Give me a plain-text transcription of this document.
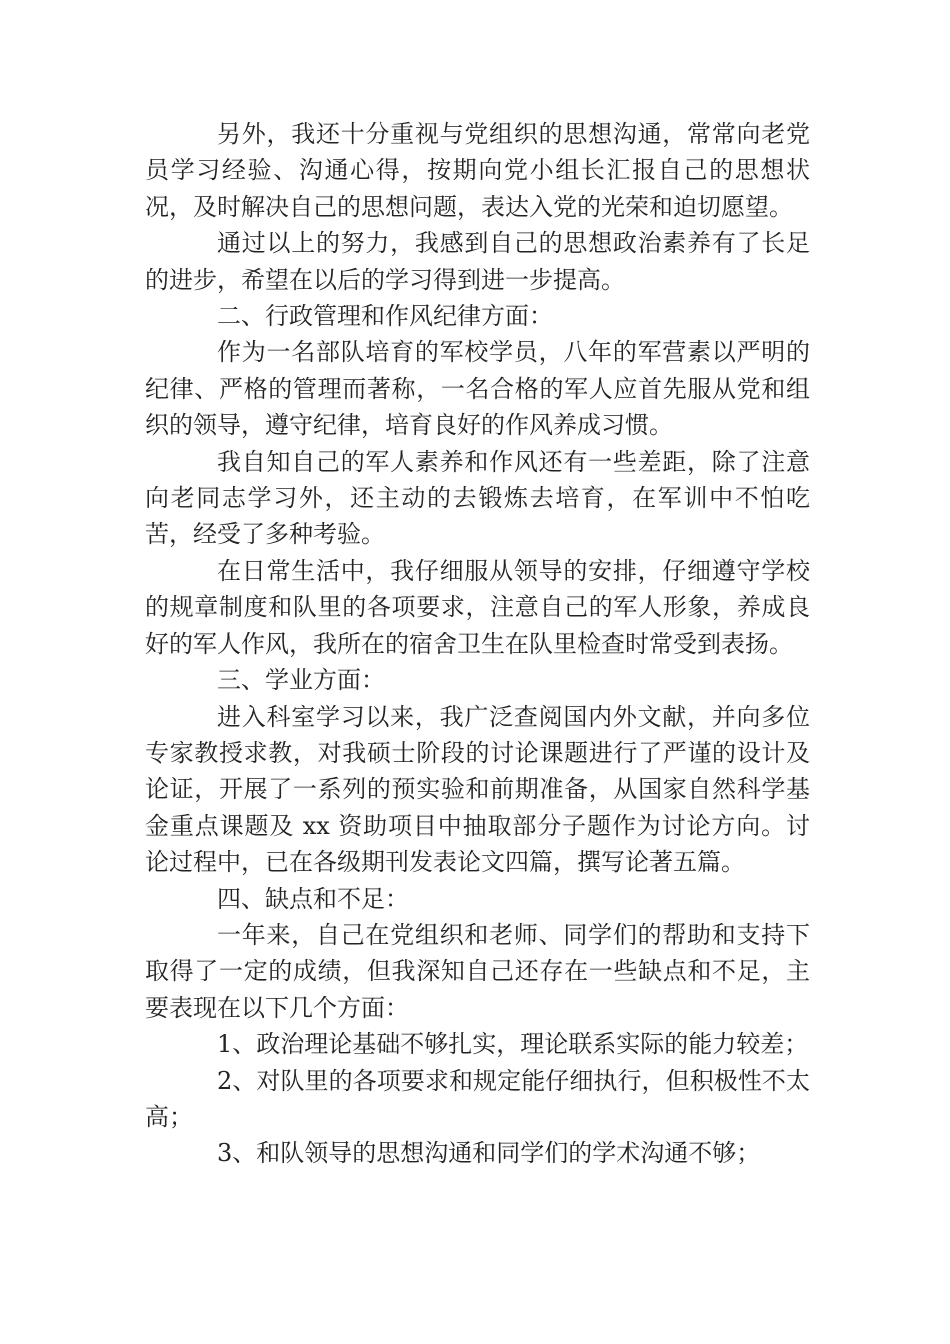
另外，我还十分重视与党组织的思想沟通，常常向老党员学习经验、沟通心得，按期向党小组长汇报自己的思想状况，及时解决自己的思想问题，表达入党的光荣和迫切愿望。

通过以上的努力，我感到自己的思想政治素养有了长足的进步，希望在以后的学习得到进一步提高。

二、行政管理和作风纪律方面：

作为一名部队培育的军校学员，八年的军营素以严明的纪律、严格的管理而著称，一名合格的军人应首先服从党和组织的领导，遵守纪律，培育良好的作风养成习惯。

我自知自己的军人素养和作风还有一些差距，除了注意向老同志学习外，还主动的去锻炼去培育，在军训中不怕吃苦，经受了多种考验。

在日常生活中，我仔细服从领导的安排，仔细遵守学校的规章制度和队里的各项要求，注意自己的军人形象，养成良好的军人作风，我所在的宿舍卫生在队里检查时常受到表扬。

三、学业方面：

进入科室学习以来，我广泛查阅国内外文献，并向多位专家教授求教，对我硕士阶段的讨论课题进行了严谨的设计及论证，开展了一系列的预实验和前期准备，从国家自然科学基金重点课题及 xx 资助项目中抽取部分子题作为讨论方向。讨论过程中，已在各级期刊发表论文四篇，撰写论著五篇。

四、缺点和不足：

一年来，自己在党组织和老师、同学们的帮助和支持下取得了一定的成绩，但我深知自己还存在一些缺点和不足，主要表现在以下几个方面：

1、政治理论基础不够扎实，理论联系实际的能力较差；

2、对队里的各项要求和规定能仔细执行，但积极性不太高；

3、和队领导的思想沟通和同学们的学术沟通不够；
